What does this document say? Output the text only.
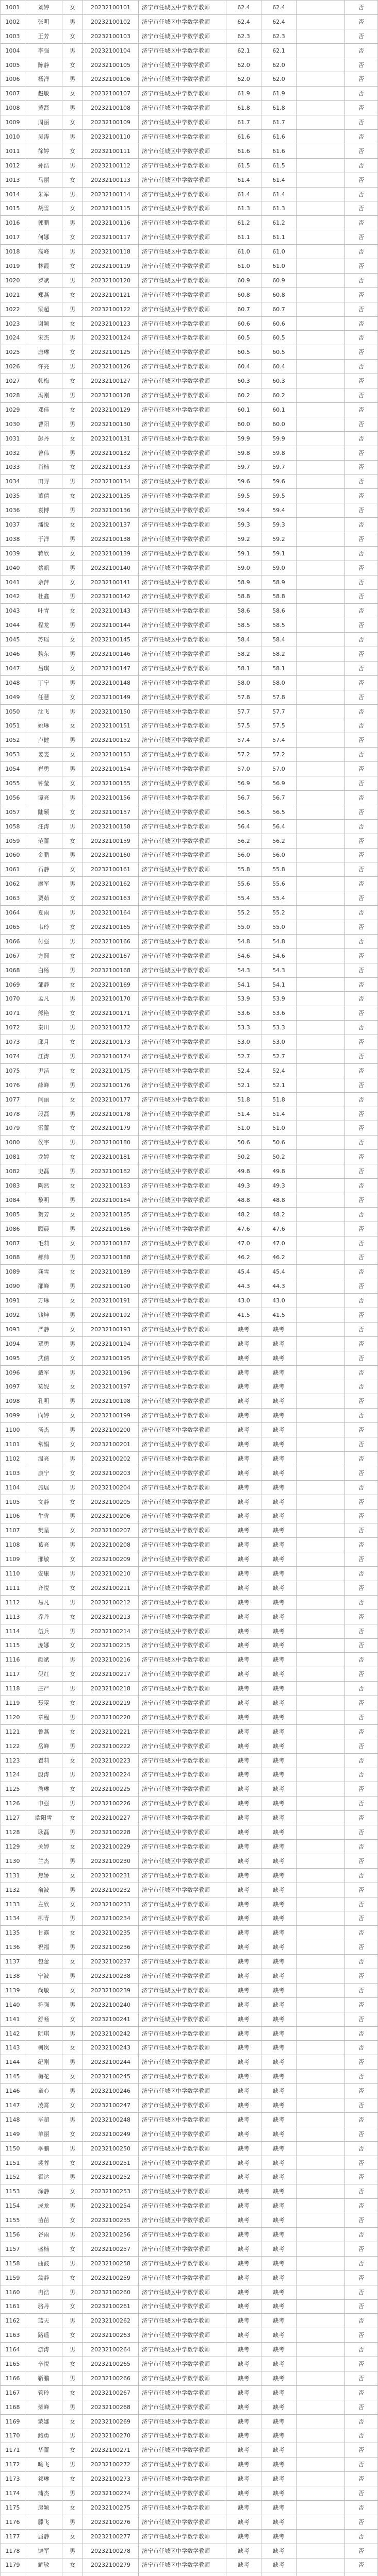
1001	刘婷	女	20232100101	济宁市任城区中学数学教师	62.4	62.4	否
1002	张明	男	20232100102	济宁市任城区中学数学教师	62.4	62.4	否
1003	王芳	女	20232100103	济宁市任城区中学数学教师	62.3	62.3	否
1004	李强	男	20232100104	济宁市任城区中学数学教师	62.1	62.1	否
1005	陈静	女	20232100105	济宁市任城区中学数学教师	62.0	62.0	否
1006	杨洋	男	20232100106	济宁市任城区中学数学教师	62.0	62.0	否
1007	赵敏	女	20232100107	济宁市任城区中学数学教师	61.9	61.9	否
1008	黄磊	男	20232100108	济宁市任城区中学数学教师	61.8	61.8	否
1009	周丽	女	20232100109	济宁市任城区中学数学教师	61.7	61.7	否
1010	吴涛	男	20232100110	济宁市任城区中学数学教师	61.6	61.6	否
1011	徐婷	女	20232100111	济宁市任城区中学数学教师	61.6	61.6	否
1012	孙浩	男	20232100112	济宁市任城区中学数学教师	61.5	61.5	否
1013	马丽	女	20232100113	济宁市任城区中学数学教师	61.4	61.4	否
1014	朱军	男	20232100114	济宁市任城区中学数学教师	61.4	61.4	否
1015	胡雪	女	20232100115	济宁市任城区中学数学教师	61.3	61.3	否
1016	郭鹏	男	20232100116	济宁市任城区中学数学教师	61.2	61.2	否
1017	何娜	女	20232100117	济宁市任城区中学数学教师	61.1	61.1	否
1018	高峰	男	20232100118	济宁市任城区中学数学教师	61.0	61.0	否
1019	林霞	女	20232100119	济宁市任城区中学数学教师	61.0	61.0	否
1020	罗斌	男	20232100120	济宁市任城区中学数学教师	60.9	60.9	否
1021	郑燕	女	20232100121	济宁市任城区中学数学教师	60.8	60.8	否
1022	梁超	男	20232100122	济宁市任城区中学数学教师	60.7	60.7	否
1023	谢颖	女	20232100123	济宁市任城区中学数学教师	60.6	60.6	否
1024	宋杰	男	20232100124	济宁市任城区中学数学教师	60.5	60.5	否
1025	唐琳	女	20232100125	济宁市任城区中学数学教师	60.5	60.5	否
1026	许亮	男	20232100126	济宁市任城区中学数学教师	60.4	60.4	否
1027	韩梅	女	20232100127	济宁市任城区中学数学教师	60.3	60.3	否
1028	冯刚	男	20232100128	济宁市任城区中学数学教师	60.2	60.2	否
1029	邓佳	女	20232100129	济宁市任城区中学数学教师	60.1	60.1	否
1030	曹阳	男	20232100130	济宁市任城区中学数学教师	60.0	60.0	否
1031	彭丹	女	20232100131	济宁市任城区中学数学教师	59.9	59.9	否
1032	曾伟	男	20232100132	济宁市任城区中学数学教师	59.8	59.8	否
1033	肖楠	女	20232100133	济宁市任城区中学数学教师	59.7	59.7	否
1034	田野	男	20232100134	济宁市任城区中学数学教师	59.6	59.6	否
1035	董倩	女	20232100135	济宁市任城区中学数学教师	59.5	59.5	否
1036	袁博	男	20232100136	济宁市任城区中学数学教师	59.4	59.4	否
1037	潘悦	女	20232100137	济宁市任城区中学数学教师	59.3	59.3	否
1038	于洋	男	20232100138	济宁市任城区中学数学教师	59.2	59.2	否
1039	蒋欣	女	20232100139	济宁市任城区中学数学教师	59.1	59.1	否
1040	蔡凯	男	20232100140	济宁市任城区中学数学教师	59.0	59.0	否
1041	余萍	女	20232100141	济宁市任城区中学数学教师	58.9	58.9	否
1042	杜鑫	男	20232100142	济宁市任城区中学数学教师	58.8	58.8	否
1043	叶青	女	20232100143	济宁市任城区中学数学教师	58.6	58.6	否
1044	程龙	男	20232100144	济宁市任城区中学数学教师	58.5	58.5	否
1045	苏瑶	女	20232100145	济宁市任城区中学数学教师	58.4	58.4	否
1046	魏东	男	20232100146	济宁市任城区中学数学教师	58.2	58.2	否
1047	吕琪	女	20232100147	济宁市任城区中学数学教师	58.1	58.1	否
1048	丁宁	男	20232100148	济宁市任城区中学数学教师	58.0	58.0	否
1049	任慧	女	20232100149	济宁市任城区中学数学教师	57.8	57.8	否
1050	沈飞	男	20232100150	济宁市任城区中学数学教师	57.7	57.7	否
1051	姚琳	女	20232100151	济宁市任城区中学数学教师	57.5	57.5	否
1052	卢健	男	20232100152	济宁市任城区中学数学教师	57.4	57.4	否
1053	姜雯	女	20232100153	济宁市任城区中学数学教师	57.2	57.2	否
1054	崔勇	男	20232100154	济宁市任城区中学数学教师	57.0	57.0	否
1055	钟莹	女	20232100155	济宁市任城区中学数学教师	56.9	56.9	否
1056	谭亮	男	20232100156	济宁市任城区中学数学教师	56.7	56.7	否
1057	陆颖	女	20232100157	济宁市任城区中学数学教师	56.5	56.5	否
1058	汪涛	男	20232100158	济宁市任城区中学数学教师	56.4	56.4	否
1059	范蕾	女	20232100159	济宁市任城区中学数学教师	56.2	56.2	否
1060	金鹏	男	20232100160	济宁市任城区中学数学教师	56.0	56.0	否
1061	石静	女	20232100161	济宁市任城区中学数学教师	55.8	55.8	否
1062	廖军	男	20232100162	济宁市任城区中学数学教师	55.6	55.6	否
1063	贾茹	女	20232100163	济宁市任城区中学数学教师	55.4	55.4	否
1064	夏雨	男	20232100164	济宁市任城区中学数学教师	55.2	55.2	否
1065	韦玲	女	20232100165	济宁市任城区中学数学教师	55.0	55.0	否
1066	付强	男	20232100166	济宁市任城区中学数学教师	54.8	54.8	否
1067	方圆	女	20232100167	济宁市任城区中学数学教师	54.6	54.6	否
1068	白杨	男	20232100168	济宁市任城区中学数学教师	54.3	54.3	否
1069	邹静	女	20232100169	济宁市任城区中学数学教师	54.1	54.1	否
1070	孟凡	男	20232100170	济宁市任城区中学数学教师	53.9	53.9	否
1071	熊艳	女	20232100171	济宁市任城区中学数学教师	53.6	53.6	否
1072	秦川	男	20232100172	济宁市任城区中学数学教师	53.3	53.3	否
1073	邱月	女	20232100173	济宁市任城区中学数学教师	53.0	53.0	否
1074	江涛	男	20232100174	济宁市任城区中学数学教师	52.7	52.7	否
1075	尹洁	女	20232100175	济宁市任城区中学数学教师	52.4	52.4	否
1076	薛峰	男	20232100176	济宁市任城区中学数学教师	52.1	52.1	否
1077	闫丽	女	20232100177	济宁市任城区中学数学教师	51.8	51.8	否
1078	段磊	男	20232100178	济宁市任城区中学数学教师	51.4	51.4	否
1079	雷蕾	女	20232100179	济宁市任城区中学数学教师	51.0	51.0	否
1080	侯宇	男	20232100180	济宁市任城区中学数学教师	50.6	50.6	否
1081	龙婷	女	20232100181	济宁市任城区中学数学教师	50.2	50.2	否
1082	史磊	男	20232100182	济宁市任城区中学数学教师	49.8	49.8	否
1083	陶然	女	20232100183	济宁市任城区中学数学教师	49.3	49.3	否
1084	黎明	男	20232100184	济宁市任城区中学数学教师	48.8	48.8	否
1085	贺芳	女	20232100185	济宁市任城区中学数学教师	48.2	48.2	否
1086	顾晨	男	20232100186	济宁市任城区中学数学教师	47.6	47.6	否
1087	毛莉	女	20232100187	济宁市任城区中学数学教师	47.0	47.0	否
1088	郝帅	男	20232100188	济宁市任城区中学数学教师	46.2	46.2	否
1089	龚雪	女	20232100189	济宁市任城区中学数学教师	45.4	45.4	否
1090	邵峰	男	20232100190	济宁市任城区中学数学教师	44.3	44.3	否
1091	万琳	女	20232100191	济宁市任城区中学数学教师	43.0	43.0	否
1092	钱坤	男	20232100192	济宁市任城区中学数学教师	41.5	41.5	否
1093	严静	女	20232100193	济宁市任城区中学数学教师	缺考	缺考	否
1094	覃勇	男	20232100194	济宁市任城区中学数学教师	缺考	缺考	否
1095	武倩	女	20232100195	济宁市任城区中学数学教师	缺考	缺考	否
1096	戴军	男	20232100196	济宁市任城区中学数学教师	缺考	缺考	否
1097	莫妮	女	20232100197	济宁市任城区中学数学教师	缺考	缺考	否
1098	孔明	男	20232100198	济宁市任城区中学数学教师	缺考	缺考	否
1099	向婷	女	20232100199	济宁市任城区中学数学教师	缺考	缺考	否
1100	汤杰	男	20232100200	济宁市任城区中学数学教师	缺考	缺考	否
1101	常娟	女	20232100201	济宁市任城区中学数学教师	缺考	缺考	否
1102	温亮	男	20232100202	济宁市任城区中学数学教师	缺考	缺考	否
1103	康宁	女	20232100203	济宁市任城区中学数学教师	缺考	缺考	否
1104	施展	男	20232100204	济宁市任城区中学数学教师	缺考	缺考	否
1105	文静	女	20232100205	济宁市任城区中学数学教师	缺考	缺考	否
1106	牛犇	男	20232100206	济宁市任城区中学数学教师	缺考	缺考	否
1107	樊星	女	20232100207	济宁市任城区中学数学教师	缺考	缺考	否
1108	葛亮	男	20232100208	济宁市任城区中学数学教师	缺考	缺考	否
1109	邢敏	女	20232100209	济宁市任城区中学数学教师	缺考	缺考	否
1110	安康	男	20232100210	济宁市任城区中学数学教师	缺考	缺考	否
1111	齐悦	女	20232100211	济宁市任城区中学数学教师	缺考	缺考	否
1112	易凡	男	20232100212	济宁市任城区中学数学教师	缺考	缺考	否
1113	乔丹	女	20232100213	济宁市任城区中学数学教师	缺考	缺考	否
1114	伍兵	男	20232100214	济宁市任城区中学数学教师	缺考	缺考	否
1115	庞娜	女	20232100215	济宁市任城区中学数学教师	缺考	缺考	否
1116	颜斌	男	20232100216	济宁市任城区中学数学教师	缺考	缺考	否
1117	倪红	女	20232100217	济宁市任城区中学数学教师	缺考	缺考	否
1118	庄严	男	20232100218	济宁市任城区中学数学教师	缺考	缺考	否
1119	聂雯	女	20232100219	济宁市任城区中学数学教师	缺考	缺考	否
1120	章程	男	20232100220	济宁市任城区中学数学教师	缺考	缺考	否
1121	鲁燕	女	20232100221	济宁市任城区中学数学教师	缺考	缺考	否
1122	岳峰	男	20232100222	济宁市任城区中学数学教师	缺考	缺考	否
1123	翟莉	女	20232100223	济宁市任城区中学数学教师	缺考	缺考	否
1124	殷涛	男	20232100224	济宁市任城区中学数学教师	缺考	缺考	否
1125	詹琳	女	20232100225	济宁市任城区中学数学教师	缺考	缺考	否
1126	申强	男	20232100226	济宁市任城区中学数学教师	缺考	缺考	否
1127	欧阳雪	女	20232100227	济宁市任城区中学数学教师	缺考	缺考	否
1128	耿磊	男	20232100228	济宁市任城区中学数学教师	缺考	缺考	否
1129	关婷	女	20232100229	济宁市任城区中学数学教师	缺考	缺考	否
1130	兰杰	男	20232100230	济宁市任城区中学数学教师	缺考	缺考	否
1131	焦娇	女	20232100231	济宁市任城区中学数学教师	缺考	缺考	否
1132	俞波	男	20232100232	济宁市任城区中学数学教师	缺考	缺考	否
1133	左欣	女	20232100233	济宁市任城区中学数学教师	缺考	缺考	否
1134	柳青	男	20232100234	济宁市任城区中学数学教师	缺考	缺考	否
1135	甘露	女	20232100235	济宁市任城区中学数学教师	缺考	缺考	否
1136	祝福	男	20232100236	济宁市任城区中学数学教师	缺考	缺考	否
1137	包蕾	女	20232100237	济宁市任城区中学数学教师	缺考	缺考	否
1138	宁波	男	20232100238	济宁市任城区中学数学教师	缺考	缺考	否
1139	尚敏	女	20232100239	济宁市任城区中学数学教师	缺考	缺考	否
1140	符强	男	20232100240	济宁市任城区中学数学教师	缺考	缺考	否
1141	舒畅	女	20232100241	济宁市任城区中学数学教师	缺考	缺考	否
1142	阮琪	男	20232100242	济宁市任城区中学数学教师	缺考	缺考	否
1143	柯岚	女	20232100243	济宁市任城区中学数学教师	缺考	缺考	否
1144	纪刚	男	20232100244	济宁市任城区中学数学教师	缺考	缺考	否
1145	梅花	女	20232100245	济宁市任城区中学数学教师	缺考	缺考	否
1146	童心	男	20232100246	济宁市任城区中学数学教师	缺考	缺考	否
1147	凌霄	女	20232100247	济宁市任城区中学数学教师	缺考	缺考	否
1148	毕超	男	20232100248	济宁市任城区中学数学教师	缺考	缺考	否
1149	单丽	女	20232100249	济宁市任城区中学数学教师	缺考	缺考	否
1150	季鹏	男	20232100250	济宁市任城区中学数学教师	缺考	缺考	否
1151	裴蓉	女	20232100251	济宁市任城区中学数学教师	缺考	缺考	否
1152	霍达	男	20232100252	济宁市任城区中学数学教师	缺考	缺考	否
1153	涂静	女	20232100253	济宁市任城区中学数学教师	缺考	缺考	否
1154	成龙	男	20232100254	济宁市任城区中学数学教师	缺考	缺考	否
1155	苗苗	女	20232100255	济宁市任城区中学数学教师	缺考	缺考	否
1156	谷雨	男	20232100256	济宁市任城区中学数学教师	缺考	缺考	否
1157	盛楠	女	20232100257	济宁市任城区中学数学教师	缺考	缺考	否
1158	曲波	男	20232100258	济宁市任城区中学数学教师	缺考	缺考	否
1159	翁静	女	20232100259	济宁市任城区中学数学教师	缺考	缺考	否
1160	冉浩	男	20232100260	济宁市任城区中学数学教师	缺考	缺考	否
1161	骆丹	女	20232100261	济宁市任城区中学数学教师	缺考	缺考	否
1162	蓝天	男	20232100262	济宁市任城区中学数学教师	缺考	缺考	否
1163	路遥	女	20232100263	济宁市任城区中学数学教师	缺考	缺考	否
1164	游涛	男	20232100264	济宁市任城区中学数学教师	缺考	缺考	否
1165	辛悦	女	20232100265	济宁市任城区中学数学教师	缺考	缺考	否
1166	靳鹏	男	20232100266	济宁市任城区中学数学教师	缺考	缺考	否
1167	管玲	女	20232100267	济宁市任城区中学数学教师	缺考	缺考	否
1168	柴峰	男	20232100268	济宁市任城区中学数学教师	缺考	缺考	否
1169	蒙娜	女	20232100269	济宁市任城区中学数学教师	缺考	缺考	否
1170	鲍勇	男	20232100270	济宁市任城区中学数学教师	缺考	缺考	否
1171	华蕾	女	20232100271	济宁市任城区中学数学教师	缺考	缺考	否
1172	喻飞	男	20232100272	济宁市任城区中学数学教师	缺考	缺考	否
1173	祁琳	女	20232100273	济宁市任城区中学数学教师	缺考	缺考	否
1174	蒲杰	男	20232100274	济宁市任城区中学数学教师	缺考	缺考	否
1175	房颖	女	20232100275	济宁市任城区中学数学教师	缺考	缺考	否
1176	滕飞	男	20232100276	济宁市任城区中学数学教师	缺考	缺考	否
1177	屈静	女	20232100277	济宁市任城区中学数学教师	缺考	缺考	否
1178	饶军	男	20232100278	济宁市任城区中学数学教师	缺考	缺考	否
1179	解敏	女	20232100279	济宁市任城区中学数学教师	缺考	缺考	否
